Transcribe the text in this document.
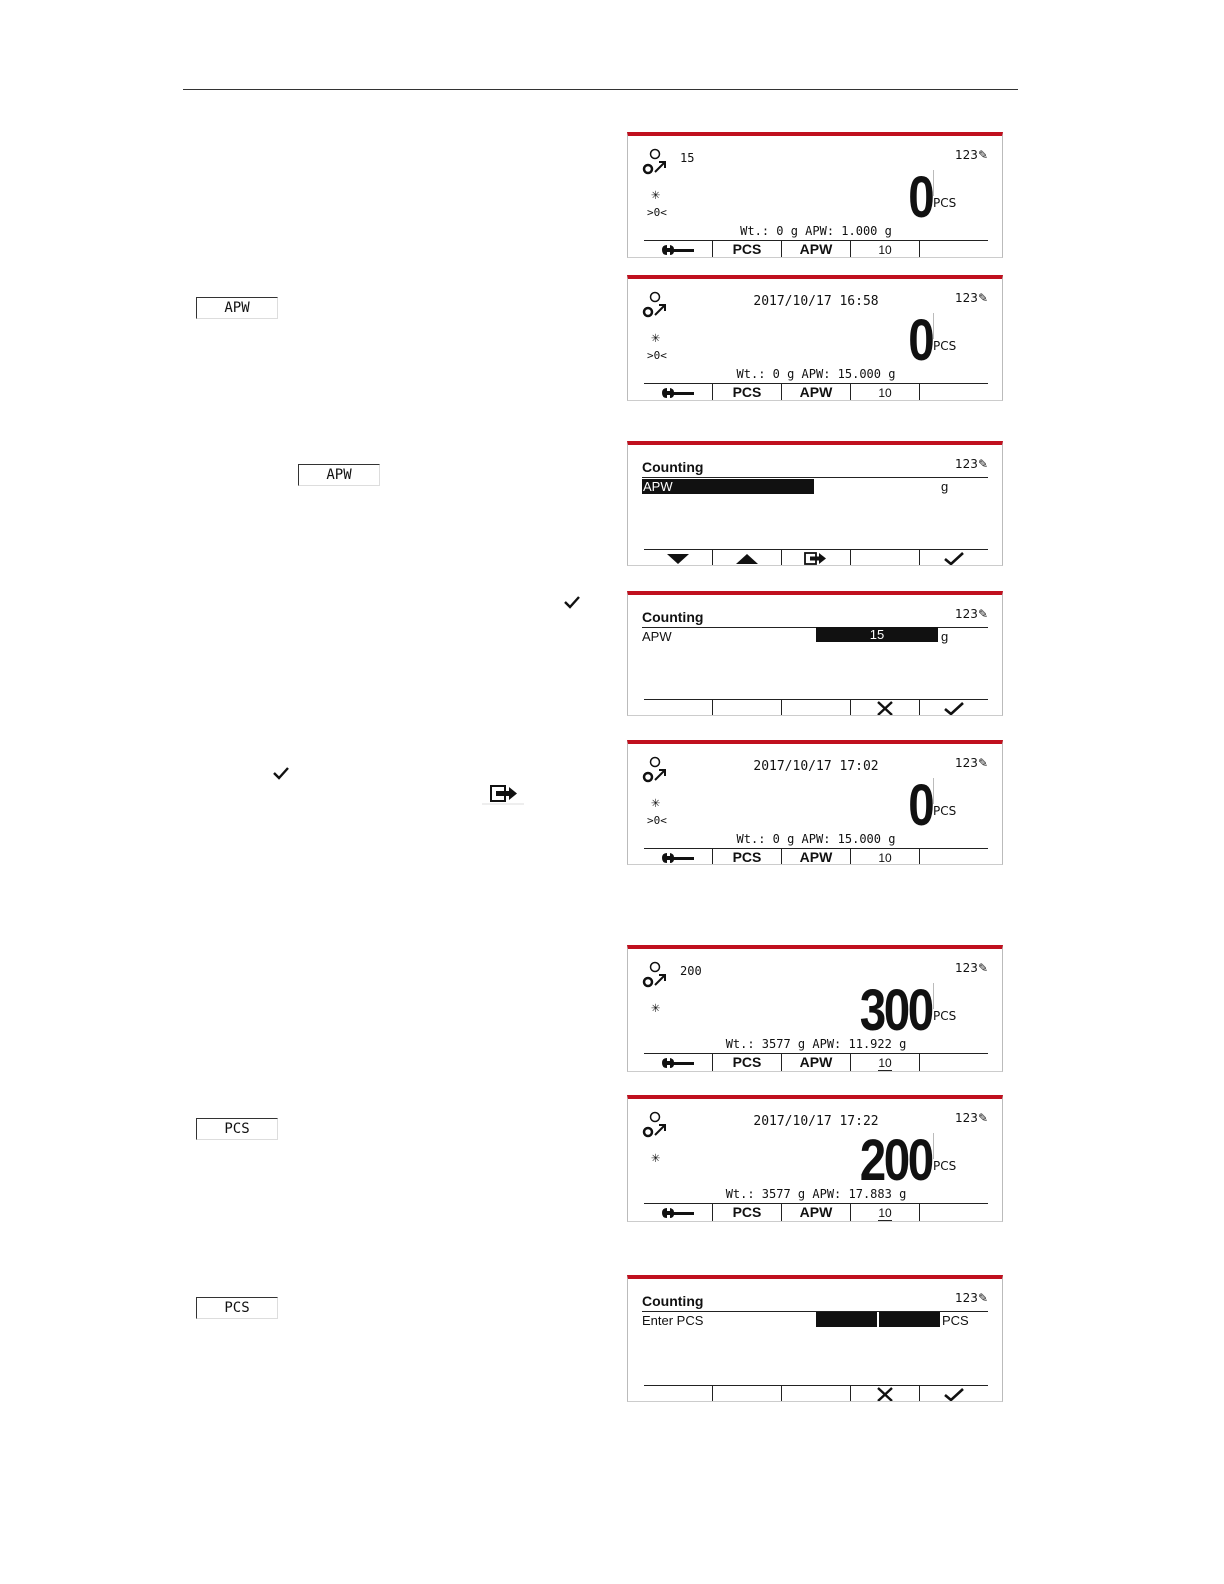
APW
APW
PCS
PCS
15	123✎
✳
>0<	0 PCS
Wt.: 0 g APW: 1.000 g
PCS	APW	10
2017/10/17 16:58	123✎
✳
>0<	0 PCS
Wt.: 0 g APW: 15.000 g
PCS	APW	10
Counting	123✎
APW	g
Counting	123✎
APW	15	g
2017/10/17 17:02	123✎
✳
>0<	0 PCS
Wt.: 0 g APW: 15.000 g
PCS	APW	10
200	123✎
✳	300 PCS
Wt.: 3577 g APW: 11.922 g
PCS	APW	10
2017/10/17 17:22	123✎
✳	200 PCS
Wt.: 3577 g APW: 17.883 g
PCS	APW	10
Counting	123✎
Enter PCS	PCS
